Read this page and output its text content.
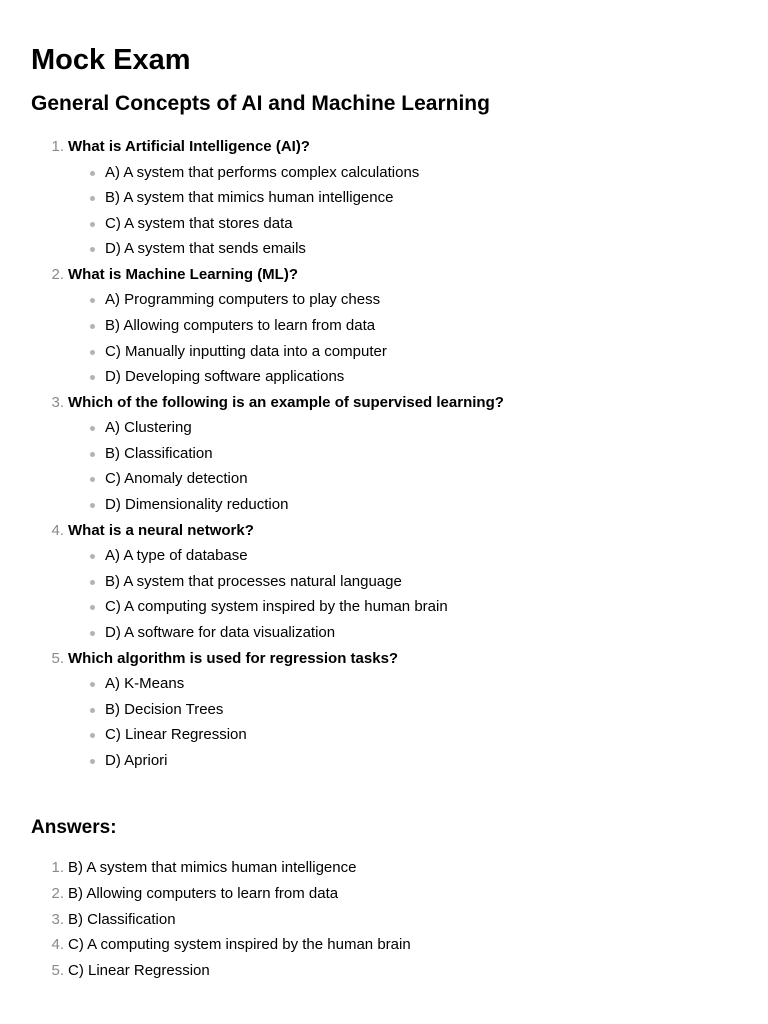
Mock Exam
General Concepts of AI and Machine Learning
1. What is Artificial Intelligence (AI)?
A) A system that performs complex calculations
B) A system that mimics human intelligence
C) A system that stores data
D) A system that sends emails
2. What is Machine Learning (ML)?
A) Programming computers to play chess
B) Allowing computers to learn from data
C) Manually inputting data into a computer
D) Developing software applications
3. Which of the following is an example of supervised learning?
A) Clustering
B) Classification
C) Anomaly detection
D) Dimensionality reduction
4. What is a neural network?
A) A type of database
B) A system that processes natural language
C) A computing system inspired by the human brain
D) A software for data visualization
5. Which algorithm is used for regression tasks?
A) K-Means
B) Decision Trees
C) Linear Regression
D) Apriori
Answers:
1. B) A system that mimics human intelligence
2. B) Allowing computers to learn from data
3. B) Classification
4. C) A computing system inspired by the human brain
5. C) Linear Regression
